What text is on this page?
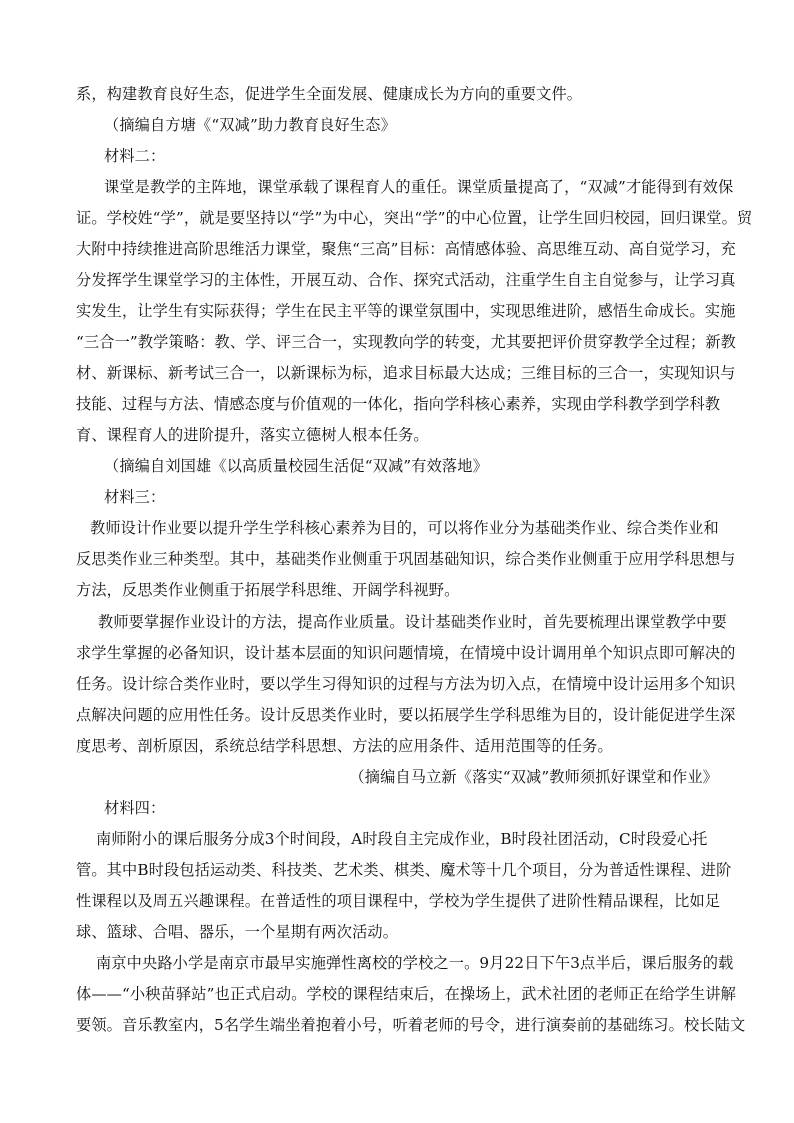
系，构建教育良好生态，促进学生全面发展、健康成长为方向的重要文件。
（摘编自方塘《“双减”助力教育良好生态》
材料二：
课堂是教学的主阵地，课堂承载了课程育人的重任。课堂质量提高了，“双减”才能得到有效保
证。学校姓“学”，就是要坚持以“学”为中心，突出“学”的中心位置，让学生回归校园，回归课堂。贸
大附中持续推进高阶思维活力课堂，聚焦“三高”目标：高情感体验、高思维互动、高自觉学习，充
分发挥学生课堂学习的主体性，开展互动、合作、探究式活动，注重学生自主自觉参与，让学习真
实发生，让学生有实际获得；学生在民主平等的课堂氛围中，实现思维进阶，感悟生命成长。实施
“三合一”教学策略：教、学、评三合一，实现教向学的转变，尤其要把评价贯穿教学全过程；新教
材、新课标、新考试三合一，以新课标为标，追求目标最大达成；三维目标的三合一，实现知识与
技能、过程与方法、情感态度与价值观的一体化，指向学科核心素养，实现由学科教学到学科教
育、课程育人的进阶提升，落实立德树人根本任务。
（摘编自刘国雄《以高质量校园生活促“双减”有效落地》
材料三：
教师设计作业要以提升学生学科核心素养为目的，可以将作业分为基础类作业、综合类作业和
反思类作业三种类型。其中，基础类作业侧重于巩固基础知识，综合类作业侧重于应用学科思想与
方法，反思类作业侧重于拓展学科思维、开阔学科视野。
教师要掌握作业设计的方法，提高作业质量。设计基础类作业时，首先要梳理出课堂教学中要
求学生掌握的必备知识，设计基本层面的知识问题情境，在情境中设计调用单个知识点即可解决的
任务。设计综合类作业时，要以学生习得知识的过程与方法为切入点，在情境中设计运用多个知识
点解决问题的应用性任务。设计反思类作业时，要以拓展学生学科思维为目的，设计能促进学生深
度思考、剖析原因，系统总结学科思想、方法的应用条件、适用范围等的任务。
（摘编自马立新《落实“双减”教师须抓好课堂和作业》
材料四：
南师附小的课后服务分成3个时间段，A时段自主完成作业，B时段社团活动，C时段爱心托
管。其中B时段包括运动类、科技类、艺术类、棋类、魔术等十几个项目，分为普适性课程、进阶
性课程以及周五兴趣课程。在普适性的项目课程中，学校为学生提供了进阶性精品课程，比如足
球、篮球、合唱、器乐，一个星期有两次活动。
南京中央路小学是南京市最早实施弹性离校的学校之一。9月22日下午3点半后，课后服务的载
体——“小秧苗驿站”也正式启动。学校的课程结束后，在操场上，武术社团的老师正在给学生讲解
要领。音乐教室内，5名学生端坐着抱着小号，听着老师的号令，进行演奏前的基础练习。校长陆文
